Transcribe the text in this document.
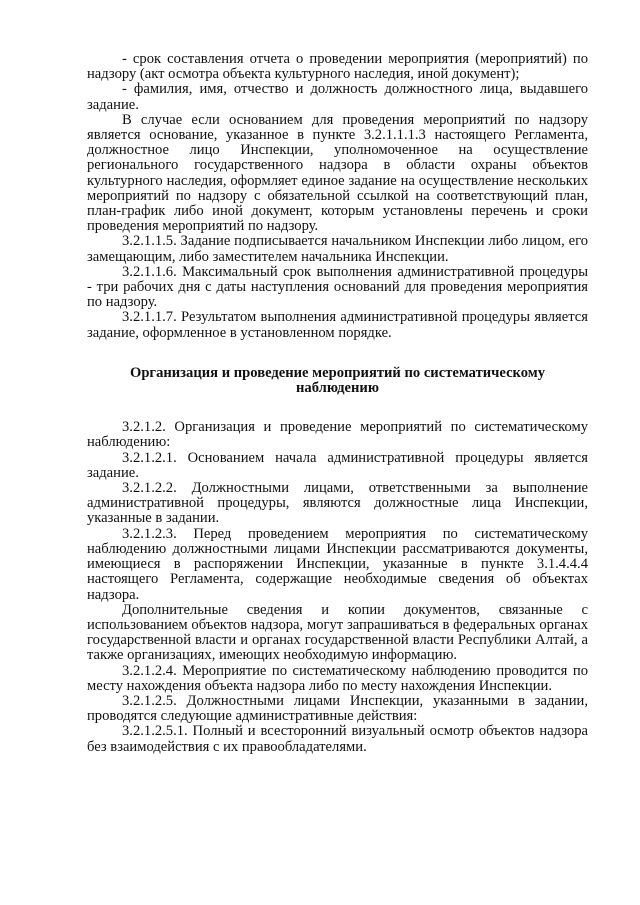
- срок составления отчета о проведении мероприятия (мероприятий) по надзору (акт осмотра объекта культурного наследия, иной документ);

- фамилия, имя, отчество и должность должностного лица, выдавшего задание.

В случае если основанием для проведения мероприятий по надзору является основание, указанное в пункте 3.2.1.1.1.3 настоящего Регламента, должностное лицо Инспекции, уполномоченное на осуществление регионального государственного надзора в области охраны объектов культурного наследия, оформляет единое задание на осуществление нескольких мероприятий по надзору с обязательной ссылкой на соответствующий план, план-график либо иной документ, которым установлены перечень и сроки проведения мероприятий по надзору.

3.2.1.1.5. Задание подписывается начальником Инспекции либо лицом, его замещающим, либо заместителем начальника Инспекции.

3.2.1.1.6. Максимальный срок выполнения административной процедуры - три рабочих дня с даты наступления оснований для проведения мероприятия по надзору.

3.2.1.1.7. Результатом выполнения административной процедуры является задание, оформленное в установленном порядке.

Организация и проведение мероприятий по систематическому наблюдению

3.2.1.2. Организация и проведение мероприятий по систематическому наблюдению:

3.2.1.2.1. Основанием начала административной процедуры является задание.

3.2.1.2.2. Должностными лицами, ответственными за выполнение административной процедуры, являются должностные лица Инспекции, указанные в задании.

3.2.1.2.3. Перед проведением мероприятия по систематическому наблюдению должностными лицами Инспекции рассматриваются документы, имеющиеся в распоряжении Инспекции, указанные в пункте 3.1.4.4.4 настоящего Регламента, содержащие необходимые сведения об объектах надзора.

Дополнительные сведения и копии документов, связанные с использованием объектов надзора, могут запрашиваться в федеральных органах государственной власти и органах государственной власти Республики Алтай, а также организациях, имеющих необходимую информацию.

3.2.1.2.4. Мероприятие по систематическому наблюдению проводится по месту нахождения объекта надзора либо по месту нахождения Инспекции.

3.2.1.2.5. Должностными лицами Инспекции, указанными в задании, проводятся следующие административные действия:

3.2.1.2.5.1. Полный и всесторонний визуальный осмотр объектов надзора без взаимодействия с их правообладателями.
